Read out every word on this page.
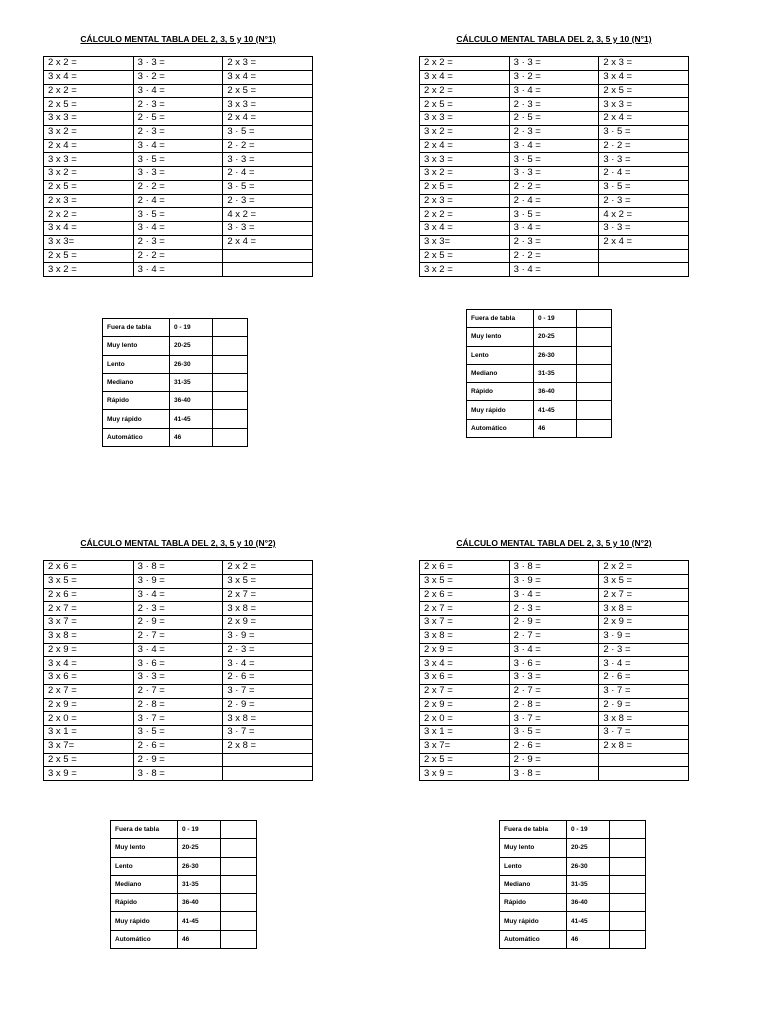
CÁLCULO MENTAL TABLA DEL 2, 3, 5 y 10 (N°1)
2 x 2 =	3 · 3 =	2 x 3 =
3 x 4 =	3 · 2 =	3 x 4 =
2 x 2 =	3 · 4 =	2 x 5 =
2 x 5 =	2 · 3 =	3 x 3 =
3 x 3 =	2 · 5 =	2 x 4 =
3 x 2 =	2 · 3 =	3 · 5 =
2 x 4 =	3 · 4 =	2 · 2 =
3 x 3 =	3 · 5 =	3 · 3 =
3 x 2 =	3 · 3 =	2 · 4 =
2 x 5 =	2 · 2 =	3 · 5 =
2 x 3 =	2 · 4 =	2 · 3 =
2 x 2 =	3 · 5 =	4 x 2 =
3 x 4 =	3 · 4 =	3 · 3 =
3 x 3=	2 · 3 =	2 x 4 =
2 x 5 =	2 · 2 =	
3 x 2 =	3 · 4 =	
Fuera de tabla	0 - 19	
Muy lento	20-25	
Lento	26-30	
Mediano	31-35	
Rápido	36-40	
Muy rápido	41-45	
Automático	46	
CÁLCULO MENTAL TABLA DEL 2, 3, 5 y 10 (N°1)
2 x 2 =	3 · 3 =	2 x 3 =
3 x 4 =	3 · 2 =	3 x 4 =
2 x 2 =	3 · 4 =	2 x 5 =
2 x 5 =	2 · 3 =	3 x 3 =
3 x 3 =	2 · 5 =	2 x 4 =
3 x 2 =	2 · 3 =	3 · 5 =
2 x 4 =	3 · 4 =	2 · 2 =
3 x 3 =	3 · 5 =	3 · 3 =
3 x 2 =	3 · 3 =	2 · 4 =
2 x 5 =	2 · 2 =	3 · 5 =
2 x 3 =	2 · 4 =	2 · 3 =
2 x 2 =	3 · 5 =	4 x 2 =
3 x 4 =	3 · 4 =	3 · 3 =
3 x 3=	2 · 3 =	2 x 4 =
2 x 5 =	2 · 2 =	
3 x 2 =	3 · 4 =	
Fuera de tabla	0 - 19	
Muy lento	20-25	
Lento	26-30	
Mediano	31-35	
Rápido	36-40	
Muy rápido	41-45	
Automático	46	
CÁLCULO MENTAL TABLA DEL 2, 3, 5 y 10 (N°2)
2 x 6 =	3 · 8 =	2 x 2 =
3 x 5 =	3 · 9 =	3 x 5 =
2 x 6 =	3 · 4 =	2 x 7 =
2 x 7 =	2 · 3 =	3 x 8 =
3 x 7 =	2 · 9 =	2 x 9 =
3 x 8 =	2 · 7 =	3 · 9 =
2 x 9 =	3 · 4 =	2 · 3 =
3 x 4 =	3 · 6 =	3 · 4 =
3 x 6 =	3 · 3 =	2 · 6 =
2 x 7 =	2 · 7 =	3 · 7 =
2 x 9 =	2 · 8 =	2 · 9 =
2 x 0 =	3 · 7 =	3 x 8 =
3 x 1 =	3 · 5 =	3 · 7 =
3 x 7=	2 · 6 =	2 x 8 =
2 x 5 =	2 · 9 =	
3 x 9 =	3 · 8 =	
Fuera de tabla	0 - 19	
Muy lento	20-25	
Lento	26-30	
Mediano	31-35	
Rápido	36-40	
Muy rápido	41-45	
Automático	46	
CÁLCULO MENTAL TABLA DEL 2, 3, 5 y 10 (N°2)
2 x 6 =	3 · 8 =	2 x 2 =
3 x 5 =	3 · 9 =	3 x 5 =
2 x 6 =	3 · 4 =	2 x 7 =
2 x 7 =	2 · 3 =	3 x 8 =
3 x 7 =	2 · 9 =	2 x 9 =
3 x 8 =	2 · 7 =	3 · 9 =
2 x 9 =	3 · 4 =	2 · 3 =
3 x 4 =	3 · 6 =	3 · 4 =
3 x 6 =	3 · 3 =	2 · 6 =
2 x 7 =	2 · 7 =	3 · 7 =
2 x 9 =	2 · 8 =	2 · 9 =
2 x 0 =	3 · 7 =	3 x 8 =
3 x 1 =	3 · 5 =	3 · 7 =
3 x 7=	2 · 6 =	2 x 8 =
2 x 5 =	2 · 9 =	
3 x 9 =	3 · 8 =	
Fuera de tabla	0 - 19	
Muy lento	20-25	
Lento	26-30	
Mediano	31-35	
Rápido	36-40	
Muy rápido	41-45	
Automático	46	
